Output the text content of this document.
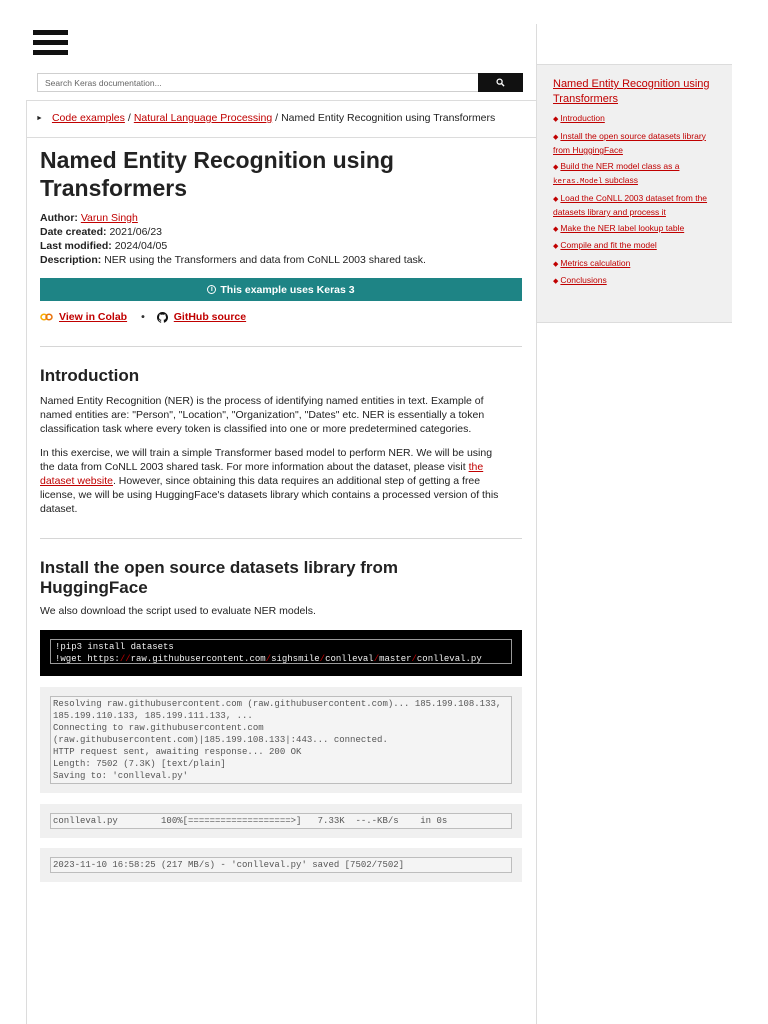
Search Keras documentation...
► Code examples / Natural Language Processing / Named Entity Recognition using Transformers
Named Entity Recognition using Transformers
Author: Varun Singh
Date created: 2021/06/23
Last modified: 2024/04/05
Description: NER using the Transformers and data from CoNLL 2003 shared task.
i This example uses Keras 3
View in Colab •	GitHub source
Introduction

Named Entity Recognition (NER) is the process of identifying named entities in text. Example of named entities are: "Person", "Location", "Organization", "Dates" etc. NER is essentially a token classification task where every token is classified into one or more predetermined categories.

In this exercise, we will train a simple Transformer based model to perform NER. We will be using the data from CoNLL 2003 shared task. For more information about the dataset, please visit the dataset website. However, since obtaining this data requires an additional step of getting a free license, we will be using HuggingFace's datasets library which contains a processed version of this dataset.

Install the open source datasets library from HuggingFace

We also download the script used to evaluate NER models.

!pip3 install datasets
!wget https://raw.githubusercontent.com/sighsmile/conlleval/master/conlleval.py
Resolving raw.githubusercontent.com (raw.githubusercontent.com)... 185.199.108.133,
185.199.110.133, 185.199.111.133, ...
Connecting to raw.githubusercontent.com
(raw.githubusercontent.com)|185.199.108.133|:443... connected.
HTTP request sent, awaiting response... 200 OK
Length: 7502 (7.3K) [text/plain]
Saving to: 'conlleval.py'
conlleval.py        100%[===================>]   7.33K  --.-KB/s    in 0s
2023-11-10 16:58:25 (217 MB/s) - 'conlleval.py' saved [7502/7502]
Named Entity Recognition using Transformers
◆ Introduction
◆ Install the open source datasets library from HuggingFace
◆ Build the NER model class as a keras.Model subclass
◆ Load the CoNLL 2003 dataset from the datasets library and process it
◆ Make the NER label lookup table
◆ Compile and fit the model
◆ Metrics calculation
◆ Conclusions
